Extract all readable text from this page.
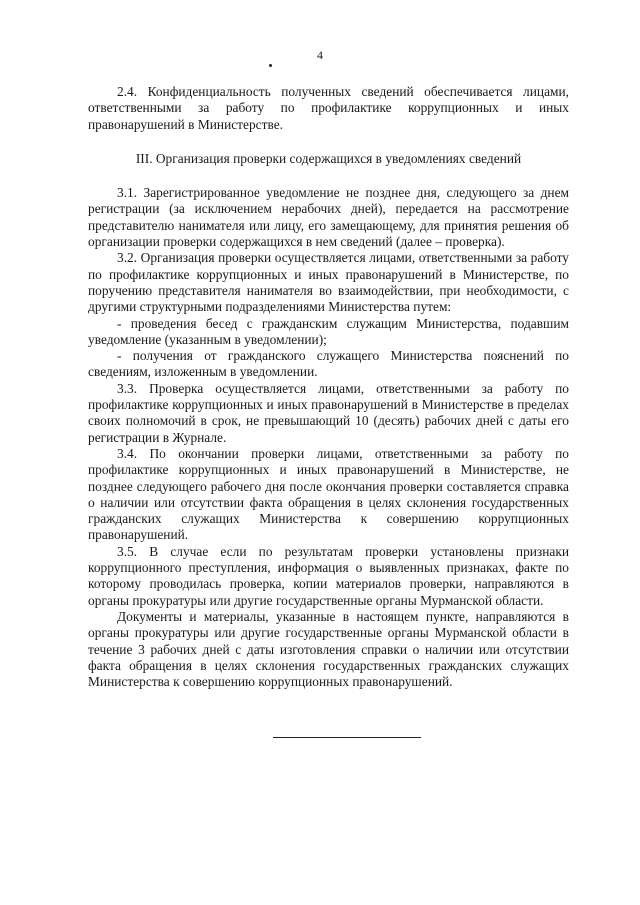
4

2.4. Конфиденциальность полученных сведений обеспечивается лицами, ответственными за работу по профилактике коррупционных и иных правонарушений в Министерстве.

III. Организация проверки содержащихся в уведомлениях сведений

3.1. Зарегистрированное уведомление не позднее дня, следующего за днем регистрации (за исключением нерабочих дней), передается на рассмотрение представителю нанимателя или лицу, его замещающему, для принятия решения об организации проверки содержащихся в нем сведений (далее – проверка).

3.2. Организация проверки осуществляется лицами, ответственными за работу по профилактике коррупционных и иных правонарушений в Министерстве, по поручению представителя нанимателя во взаимодействии, при необходимости, с другими структурными подразделениями Министерства путем:

- проведения бесед с гражданским служащим Министерства, подавшим уведомление (указанным в уведомлении);

- получения от гражданского служащего Министерства пояснений по сведениям, изложенным в уведомлении.

3.3. Проверка осуществляется лицами, ответственными за работу по профилактике коррупционных и иных правонарушений в Министерстве в пределах своих полномочий в срок, не превышающий 10 (десять) рабочих дней с даты его регистрации в Журнале.

3.4. По окончании проверки лицами, ответственными за работу по профилактике коррупционных и иных правонарушений в Министерстве, не позднее следующего рабочего дня после окончания проверки составляется справка о наличии или отсутствии факта обращения в целях склонения государственных гражданских служащих Министерства к совершению коррупционных правонарушений.

3.5. В случае если по результатам проверки установлены признаки коррупционного преступления, информация о выявленных признаках, факте по которому проводилась проверка, копии материалов проверки, направляются в органы прокуратуры или другие государственные органы Мурманской области.

Документы и материалы, указанные в настоящем пункте, направляются в органы прокуратуры или другие государственные органы Мурманской области в течение 3 рабочих дней с даты изготовления справки о наличии или отсутствии факта обращения в целях склонения государственных гражданских служащих Министерства к совершению коррупционных правонарушений.
